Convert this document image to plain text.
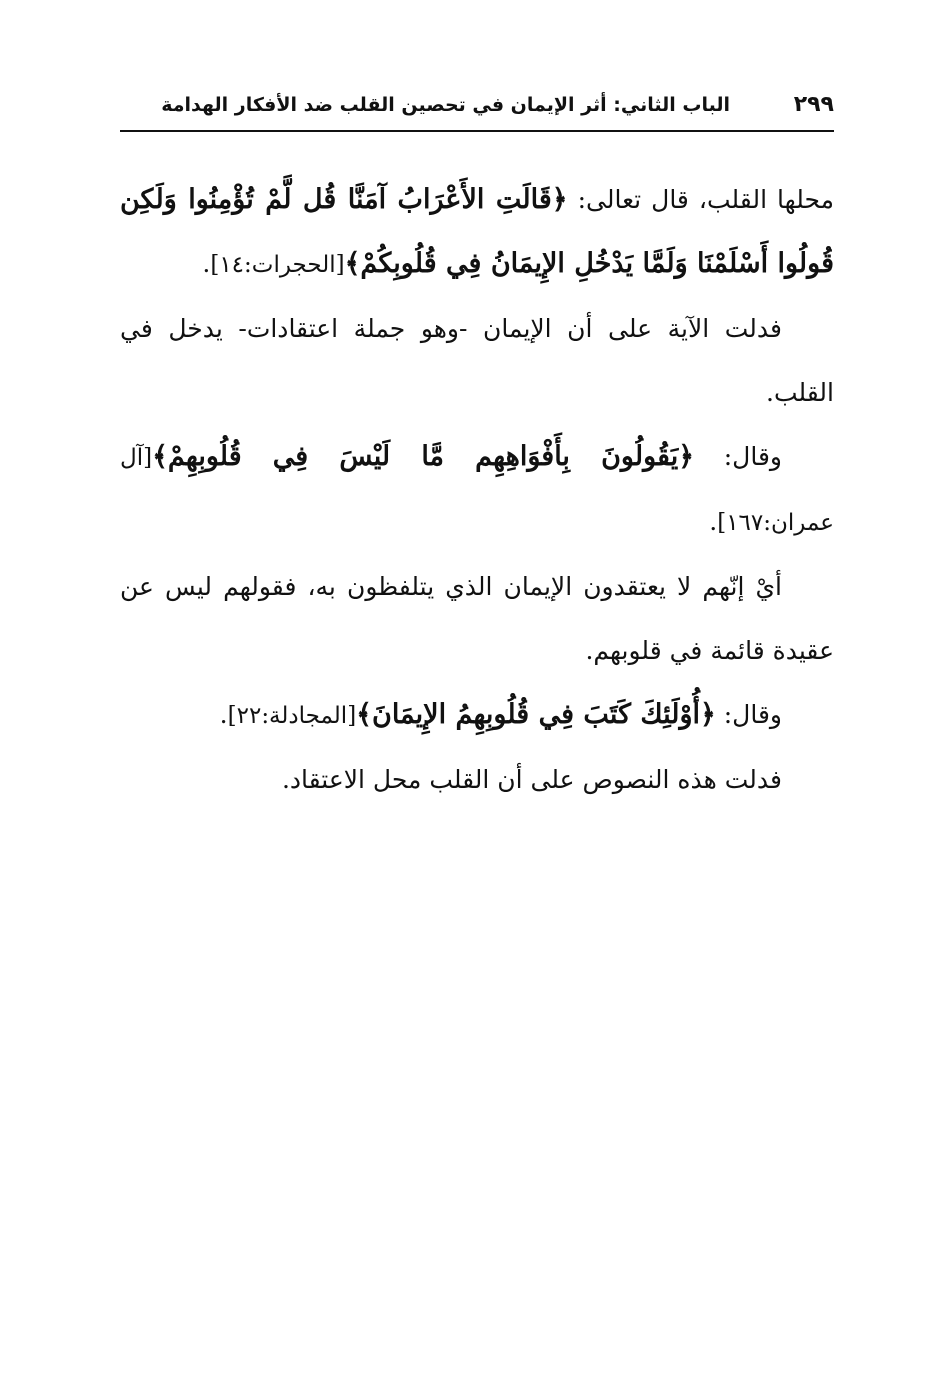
٢٩٩
الباب الثاني: أثر الإيمان في تحصين القلب ضد الأفكار الهدامة

محلها القلب، قال تعالى: ﴿قَالَتِ الأَعْرَابُ آمَنَّا قُل لَّمْ تُؤْمِنُوا وَلَكِن قُولُوا أَسْلَمْنَا وَلَمَّا يَدْخُلِ الإِيمَانُ فِي قُلُوبِكُمْ﴾[الحجرات:١٤].

فدلت الآية على أن الإيمان -وهو جملة اعتقادات- يدخل في القلب.

وقال: ﴿يَقُولُونَ بِأَفْوَاهِهِم مَّا لَيْسَ فِي قُلُوبِهِمْ﴾[آل عمران:١٦٧].

أيْ إنّهم لا يعتقدون الإيمان الذي يتلفظون به، فقولهم ليس عن عقيدة قائمة في قلوبهم.

وقال: ﴿أُوْلَئِكَ كَتَبَ فِي قُلُوبِهِمُ الإِيمَانَ﴾[المجادلة:٢٢].

فدلت هذه النصوص على أن القلب محل الاعتقاد.
